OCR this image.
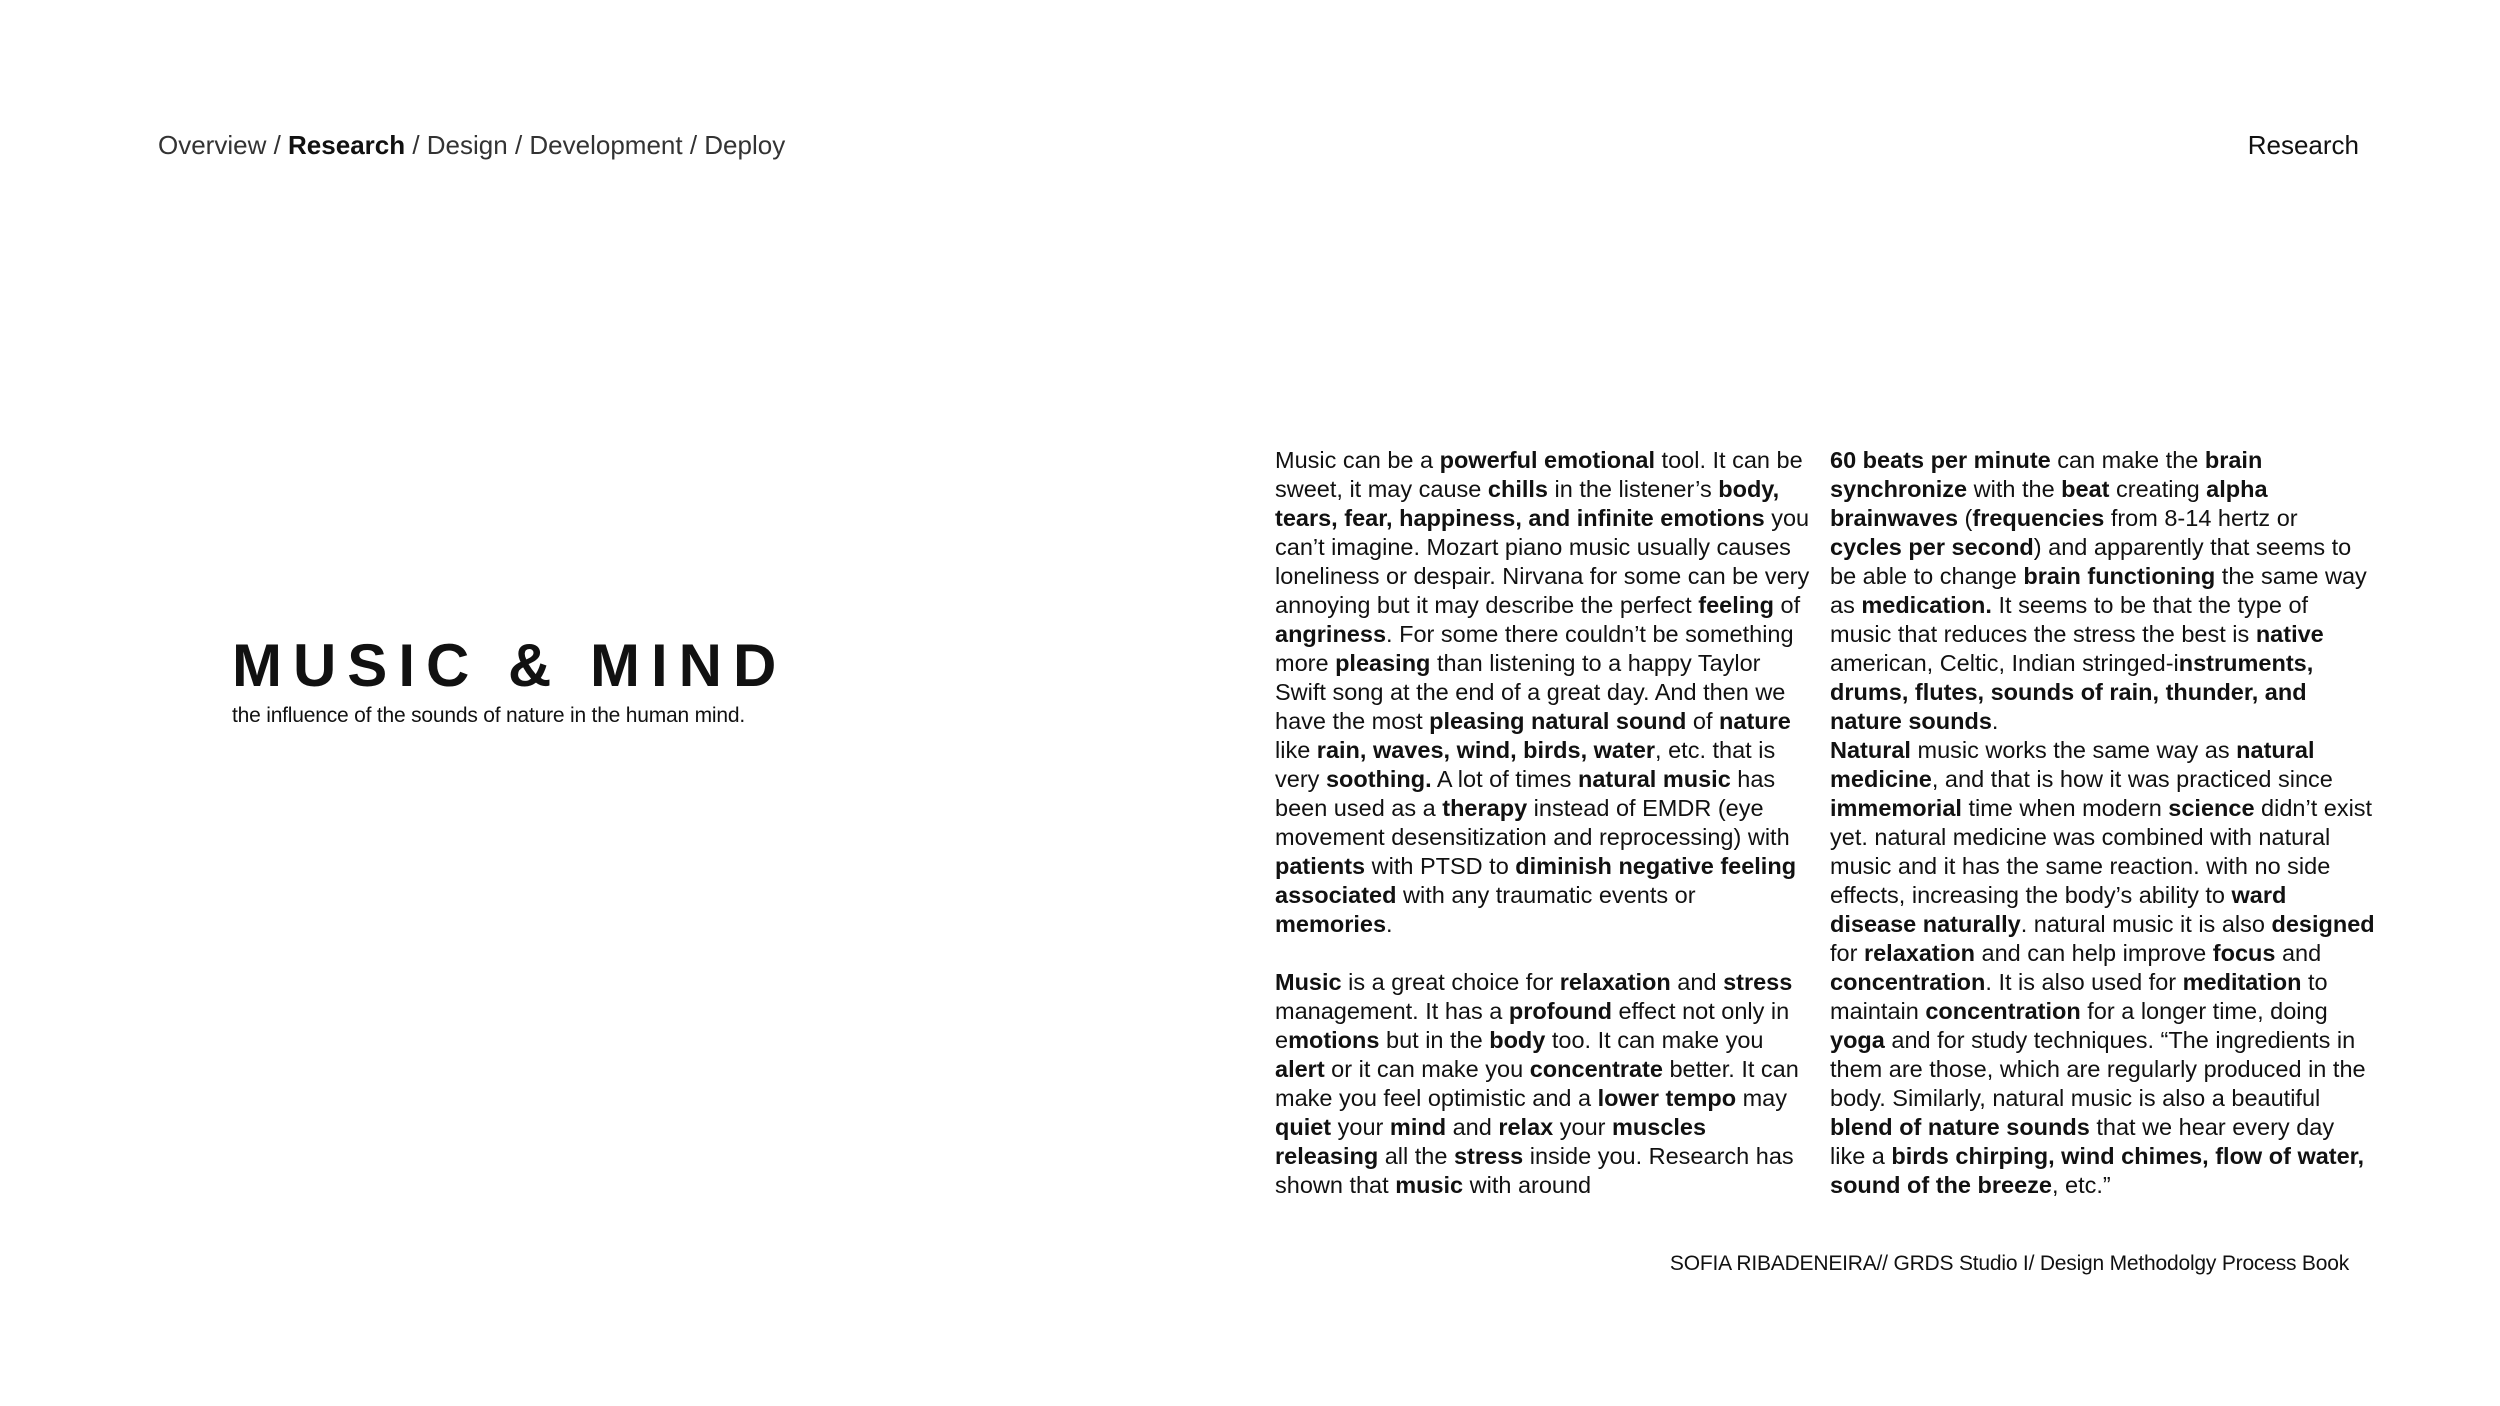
Overview / Research / Design / Development / Deploy	Research
MUSIC & MIND
the influence of the sounds of nature in the human mind.

Music can be a powerful emotional tool. It can be sweet, it may cause chills in the listener’s body, tears, fear, happiness, and infinite emotions you can’t imagine. Mozart piano music usually causes loneliness or despair. Nirvana for some can be very annoying but it may describe the perfect feeling of angriness. For some there couldn’t be something more pleasing than listening to a happy Taylor Swift song at the end of a great day. And then we have the most pleasing natural sound of nature like rain, waves, wind, birds, water, etc. that is very soothing. A lot of times natural music has been used as a therapy instead of EMDR (eye movement desensitization and reprocessing) with patients with PTSD to diminish negative feeling associated with any traumatic events or memories.

Music is a great choice for relaxation and stress management. It has a profound effect not only in emotions but in the body too. It can make you alert or it can make you concentrate better. It can make you feel optimistic and a lower tempo may quiet your mind and relax your muscles releasing all the stress inside you. Research has shown that music with around

60 beats per minute can make the brain synchronize with the beat creating alpha brainwaves (frequencies from 8-14 hertz or cycles per second) and apparently that seems to be able to change brain functioning the same way as medication. It seems to be that the type of music that reduces the stress the best is native american, Celtic, Indian stringed-instruments, drums, flutes, sounds of rain, thunder, and nature sounds.

Natural music works the same way as natural medicine, and that is how it was practiced since immemorial time when modern science didn’t exist yet. natural medicine was combined with natural music and it has the same reaction. with no side effects, increasing the body’s ability to ward disease naturally. natural music it is also designed for relaxation and can help improve focus and concentration. It is also used for meditation to maintain concentration for a longer time, doing yoga and for study techniques. “The ingredients in them are those, which are regularly produced in the body. Similarly, natural music is also a beautiful blend of nature sounds that we hear every day like a birds chirping, wind chimes, flow of water, sound of the breeze, etc.”

SOFIA RIBADENEIRA// GRDS Studio I/ Design Methodolgy Process Book
